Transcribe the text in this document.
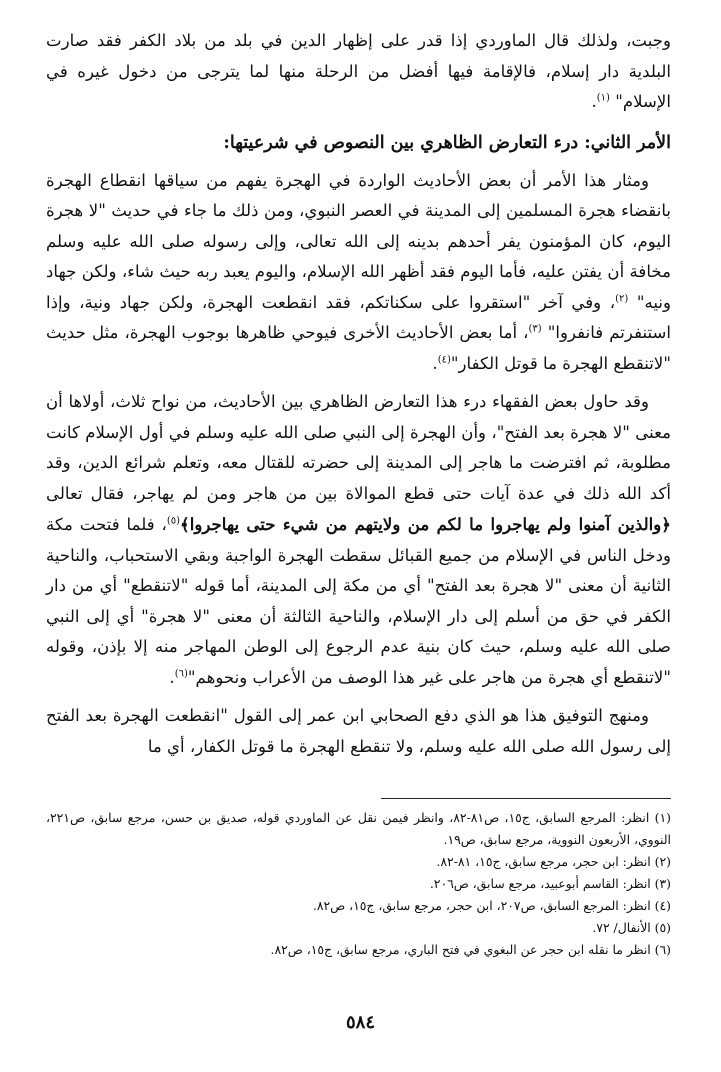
وجبت، ولذلك قال الماوردي إذا قدر على إظهار الدين في بلد من بلاد الكفر فقد صارت البلدية دار إسلام، فالإقامة فيها أفضل من الرحلة منها لما يترجى من دخول غيره في الإسلام" $^{(١)}$.

الأمر الثاني: درء التعارض الظاهري بين النصوص في شرعيتها:

ومثار هذا الأمر أن بعض الأحاديث الواردة في الهجرة يفهم من سياقها انقطاع الهجرة بانقضاء هجرة المسلمين إلى المدينة في العصر النبوي، ومن ذلك ما جاء في حديث "لا هجرة اليوم، كان المؤمنون يفر أحدهم بدينه إلى الله تعالى، وإلى رسوله صلى الله عليه وسلم مخافة أن يفتن عليه، فأما اليوم فقد أظهر الله الإسلام، واليوم يعبد ربه حيث شاء، ولكن جهاد ونيه" $^{(٢)}$، وفي آخر "استقروا على سكناتكم، فقد انقطعت الهجرة، ولكن جهاد ونية، وإذا استنفرتم فانفروا" $^{(٣)}$، أما بعض الأحاديث الأخرى فيوحي ظاهرها بوجوب الهجرة، مثل حديث "لاتنقطع الهجرة ما قوتل الكفار"$^{(٤)}$.

وقد حاول بعض الفقهاء درء هذا التعارض الظاهري بين الأحاديث، من نواح ثلاث، أولاها أن معنى "لا هجرة بعد الفتح"، وأن الهجرة إلى النبي صلى الله عليه وسلم في أول الإسلام كانت مطلوبة، ثم افترضت ما هاجر إلى المدينة إلى حضرته للقتال معه، وتعلم شرائع الدين، وقد أكد الله ذلك في عدة آيات حتى قطع الموالاة بين من هاجر ومن لم يهاجر، فقال تعالى ﴿والذين آمنوا ولم يهاجروا ما لكم من ولايتهم من شيء حتى يهاجروا﴾$^{(٥)}$، فلما فتحت مكة ودخل الناس في الإسلام من جميع القبائل سقطت الهجرة الواجبة وبقي الاستحباب، والناحية الثانية أن معنى "لا هجرة بعد الفتح" أي من مكة إلى المدينة، أما قوله "لاتنقطع" أي من دار الكفر في حق من أسلم إلى دار الإسلام، والناحية الثالثة أن معنى "لا هجرة" أي إلى النبي صلى الله عليه وسلم، حيث كان بنية عدم الرجوع إلى الوطن المهاجر منه إلا بإذن، وقوله "لاتنقطع أي هجرة من هاجر على غير هذا الوصف من الأعراب ونحوهم"$^{(٦)}$.

ومنهج التوفيق هذا هو الذي دفع الصحابي ابن عمر إلى القول "انقطعت الهجرة بعد الفتح إلى رسول الله صلى الله عليه وسلم، ولا تنقطع الهجرة ما قوتل الكفار، أي ما

(١) انظر: المرجع السابق، ج١٥، ص٨١-٨٢، وانظر فيمن نقل عن الماوردي قوله، صديق بن حسن، مرجع سابق، ص٢٢١، النووي، الأربعون النووية، مرجع سابق، ص١٩.
(٢) انظر: ابن حجر، مرجع سابق، ج١٥، ٨١-٨٢.
(٣) انظر: القاسم أبوعبيد، مرجع سابق، ص٢٠٦.
(٤) انظر: المرجع السابق، ص٢٠٧، ابن حجر، مرجع سابق، ج١٥، ص٨٢.
(٥) الأنفال/ ٧٢.
(٦) انظر ما نقله ابن حجر عن البغوي في فتح الباري، مرجع سابق، ج١٥، ص٨٢.
٥٨٤
